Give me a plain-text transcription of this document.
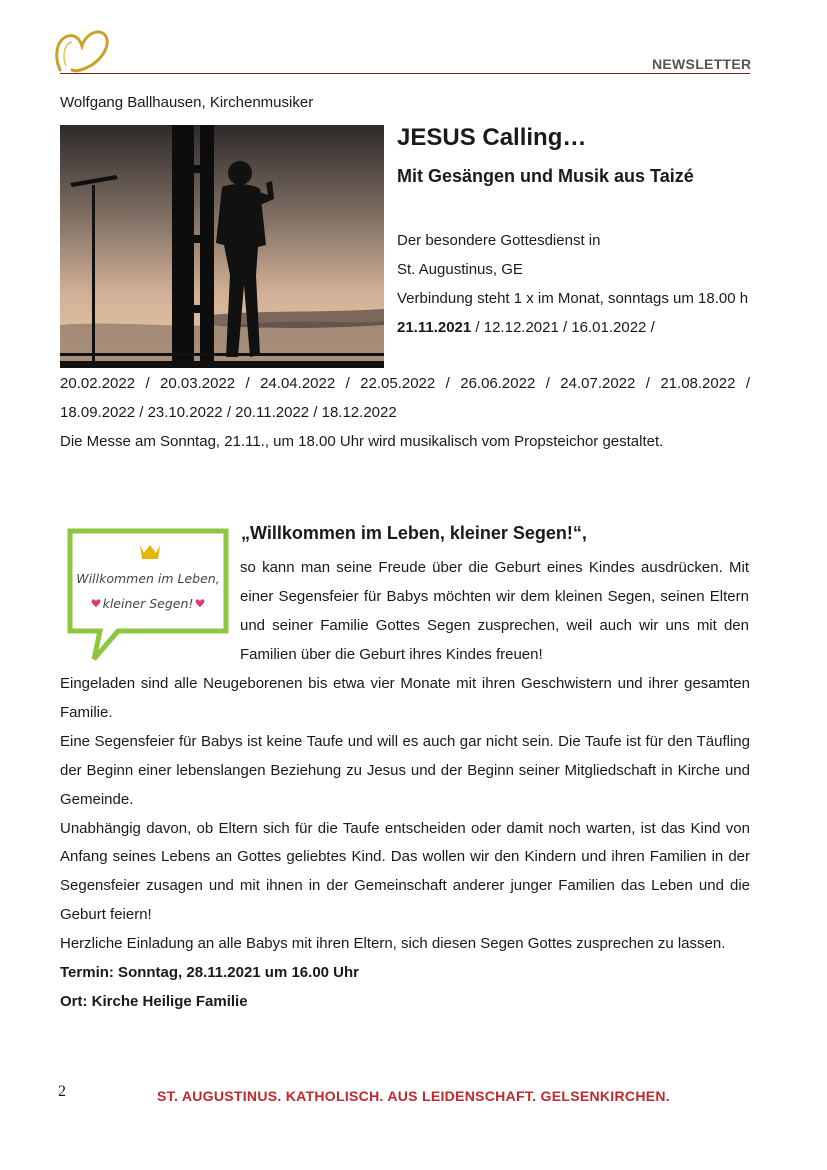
NEWSLETTER
Wolfgang Ballhausen, Kirchenmusiker
JESUS Calling…
Mit Gesängen und Musik aus Taizé

Der besondere Gottesdienst in

St. Augustinus, GE

Verbindung steht 1 x im Monat, sonntags um 18.00 h

21.11.2021 / 12.12.2021 / 16.01.2022 /

20.02.2022 / 20.03.2022 / 24.04.2022 / 22.05.2022 / 26.06.2022 / 24.07.2022 / 21.08.2022 /
18.09.2022 / 23.10.2022 / 20.11.2022 / 18.12.2022
Die Messe am Sonntag, 21.11., um 18.00 Uhr wird musikalisch vom Propsteichor gestaltet.
Willkommen im Leben,
kleiner Segen!
„Willkommen im Leben, kleiner Segen!“,

so kann man seine Freude über die Geburt eines Kindes ausdrücken. Mit einer Segensfeier für Babys möchten wir dem kleinen Segen, seinen Eltern und seiner Familie Gottes Segen zusprechen, weil auch wir uns mit den Familien über die Geburt ihres Kindes freuen!

Eingeladen sind alle Neugeborenen bis etwa vier Monate mit ihren Geschwistern und ihrer gesamten Familie.

Eine Segensfeier für Babys ist keine Taufe und will es auch gar nicht sein. Die Taufe ist für den Täufling der Beginn einer lebenslangen Beziehung zu Jesus und der Beginn seiner Mitgliedschaft in Kirche und Gemeinde.

Unabhängig davon, ob Eltern sich für die Taufe entscheiden oder damit noch warten, ist das Kind von Anfang seines Lebens an Gottes geliebtes Kind. Das wollen wir den Kindern und ihren Familien in der Segensfeier zusagen und mit ihnen in der Gemeinschaft anderer junger Familien das Leben und die Geburt feiern!

Herzliche Einladung an alle Babys mit ihren Eltern, sich diesen Segen Gottes zusprechen zu lassen.

Termin: Sonntag, 28.11.2021 um 16.00 Uhr

Ort: Kirche Heilige Familie

2	ST. AUGUSTINUS. KATHOLISCH. AUS LEIDENSCHAFT. GELSENKIRCHEN.
